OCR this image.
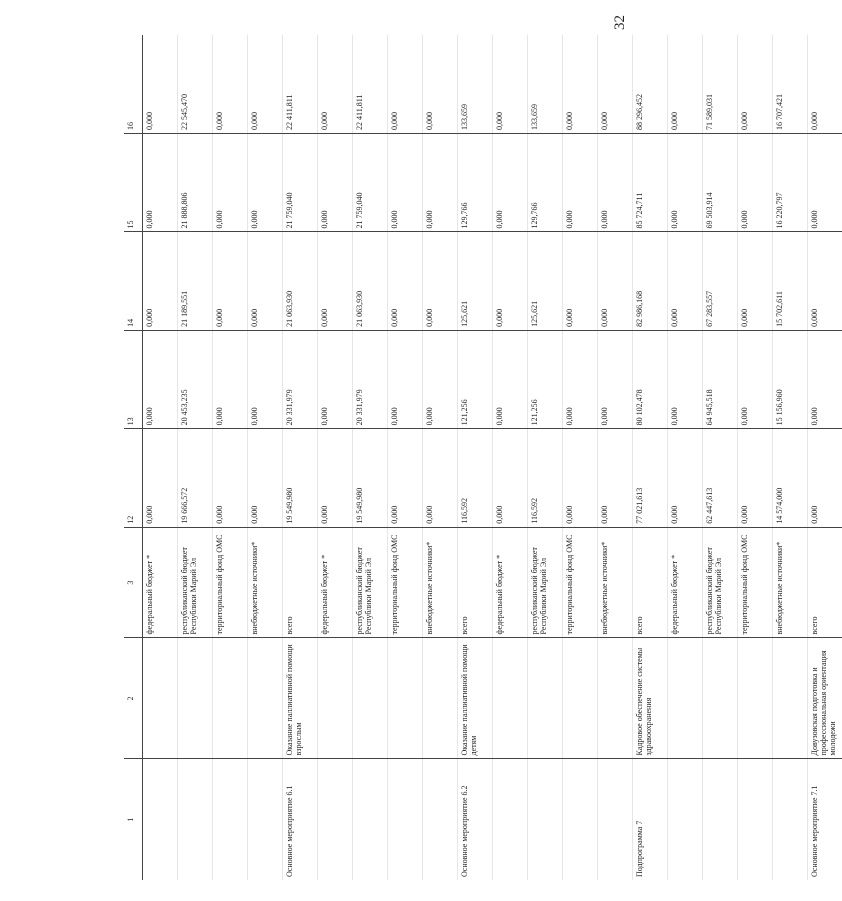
32
1	2	3	12	13	14	15	16
		федеральный бюджет *	0,000	0,000	0,000	0,000	0,000
		республиканский бюджет Республики Марий Эл	19 666,572	20 453,235	21 189,551	21 888,806	22 545,470
		территориальный фонд ОМС	0,000	0,000	0,000	0,000	0,000
		внебюджетные источники*	0,000	0,000	0,000	0,000	0,000
Основное мероприятие 6.1	Оказание паллиативной помощи взрослым	всего	19 549,980	20 331,979	21 063,930	21 759,040	22 411,811
		федеральный бюджет *	0,000	0,000	0,000	0,000	0,000
		республиканский бюджет Республики Марий Эл	19 549,980	20 331,979	21 063,930	21 759,040	22 411,811
		территориальный фонд ОМС	0,000	0,000	0,000	0,000	0,000
		внебюджетные источники*	0,000	0,000	0,000	0,000	0,000
Основное мероприятие 6.2	Оказание паллиативной помощи детям	всего	116,592	121,256	125,621	129,766	133,659
		федеральный бюджет *	0,000	0,000	0,000	0,000	0,000
		республиканский бюджет Республики Марий Эл	116,592	121,256	125,621	129,766	133,659
		территориальный фонд ОМС	0,000	0,000	0,000	0,000	0,000
		внебюджетные источники*	0,000	0,000	0,000	0,000	0,000
Подпрограмма 7	Кадровое обеспечение системы здравоохранения	всего	77 021,613	80 102,478	82 986,168	85 724,711	88 296,452
		федеральный бюджет *	0,000	0,000	0,000	0,000	0,000
		республиканский бюджет Республики Марий Эл	62 447,613	64 945,518	67 283,557	69 503,914	71 589,031
		территориальный фонд ОМС	0,000	0,000	0,000	0,000	0,000
		внебюджетные источники*	14 574,000	15 156,960	15 702,611	16 220,797	16 707,421
Основное мероприятие 7.1	Довузовская подготовка и профессиональная ориентация молодежи	всего	0,000	0,000	0,000	0,000	0,000
